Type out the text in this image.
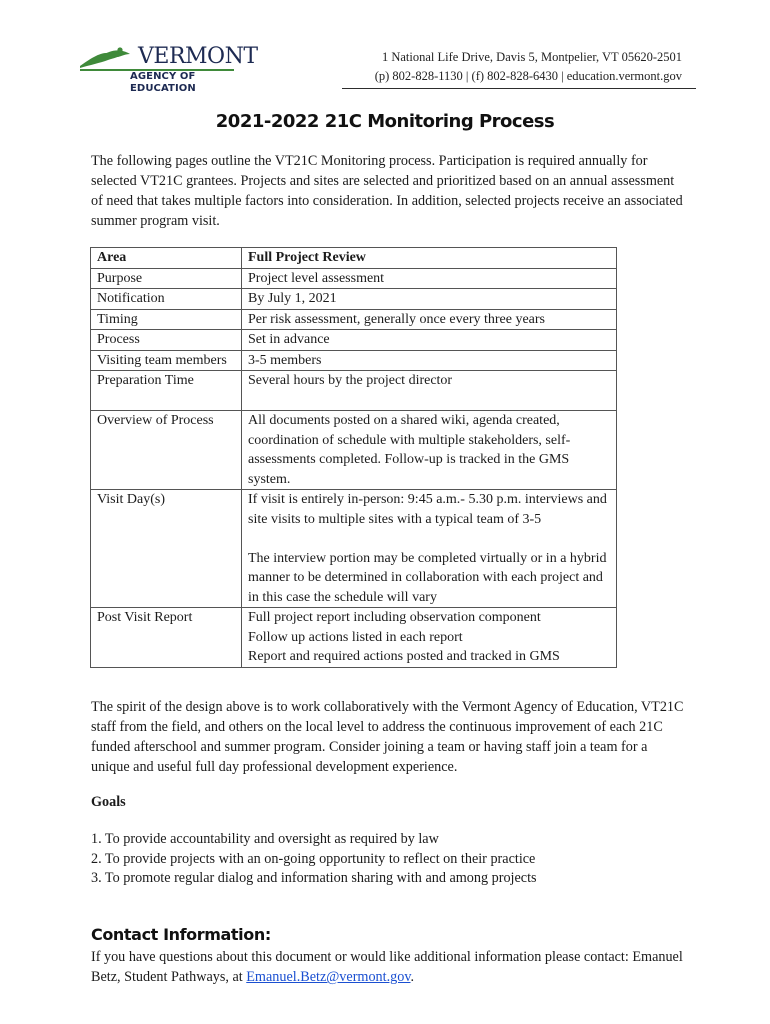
VERMONT
AGENCY OF EDUCATION
1 National Life Drive, Davis 5, Montpelier, VT 05620-2501
(p) 802-828-1130 | (f) 802-828-6430 | education.vermont.gov
2021-2022 21C Monitoring Process
The following pages outline the VT21C Monitoring process. Participation is required annually for selected VT21C grantees. Projects and sites are selected and prioritized based on an annual assessment of need that takes multiple factors into consideration. In addition, selected projects receive an associated summer program visit.
Area	Full Project Review
Purpose	Project level assessment
Notification	By July 1, 2021
Timing	Per risk assessment, generally once every three years
Process	Set in advance
Visiting team members	3-5 members
Preparation Time	Several hours by the project director
Overview of Process	All documents posted on a shared wiki, agenda created, coordination of schedule with multiple stakeholders, self-assessments completed. Follow-up is tracked in the GMS system.
Visit Day(s)	If visit is entirely in-person: 9:45 a.m.- 5.30 p.m. interviews and site visits to multiple sites with a typical team of 3-5
The interview portion may be completed virtually or in a hybrid manner to be determined in collaboration with each project and in this case the schedule will vary

Post Visit Report	Full project report including observation component
Follow up actions listed in each report
Report and required actions posted and tracked in GMS
The spirit of the design above is to work collaboratively with the Vermont Agency of Education, VT21C staff from the field, and others on the local level to address the continuous improvement of each 21C funded afterschool and summer program. Consider joining a team or having staff join a team for a unique and useful full day professional development experience.
Goals
1. To provide accountability and oversight as required by law
2. To provide projects with an on-going opportunity to reflect on their practice
3. To promote regular dialog and information sharing with and among projects
Contact Information:
If you have questions about this document or would like additional information please contact: Emanuel Betz, Student Pathways, at Emanuel.Betz@vermont.gov.
